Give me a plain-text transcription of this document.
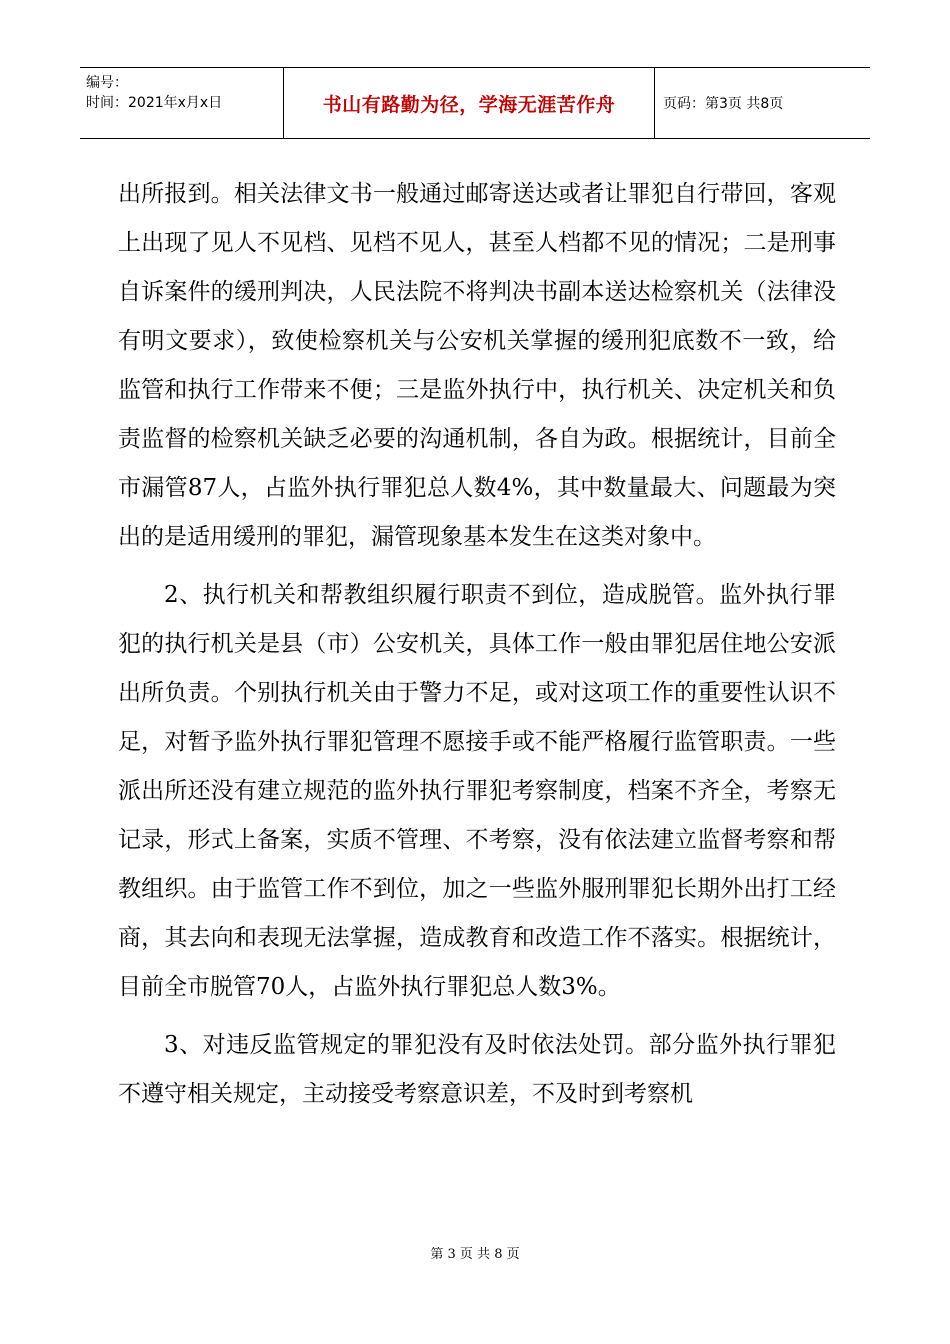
编号：
时间：2021年x月x日	书山有路勤为径，学海无涯苦作舟	页码：第3页 共8页

出所报到。相关法律文书一般通过邮寄送达或者让罪犯自行带回，客观上出现了见人不见档、见档不见人，甚至人档都不见的情况；二是刑事自诉案件的缓刑判决，人民法院不将判决书副本送达检察机关（法律没有明文要求），致使检察机关与公安机关掌握的缓刑犯底数不一致，给监管和执行工作带来不便；三是监外执行中，执行机关、决定机关和负责监督的检察机关缺乏必要的沟通机制，各自为政。根据统计，目前全市漏管87人，占监外执行罪犯总人数4%，其中数量最大、问题最为突出的是适用缓刑的罪犯，漏管现象基本发生在这类对象中。

2、执行机关和帮教组织履行职责不到位，造成脱管。监外执行罪犯的执行机关是县（市）公安机关，具体工作一般由罪犯居住地公安派出所负责。个别执行机关由于警力不足，或对这项工作的重要性认识不足，对暂予监外执行罪犯管理不愿接手或不能严格履行监管职责。一些派出所还没有建立规范的监外执行罪犯考察制度，档案不齐全，考察无记录，形式上备案，实质不管理、不考察，没有依法建立监督考察和帮教组织。由于监管工作不到位，加之一些监外服刑罪犯长期外出打工经商，其去向和表现无法掌握，造成教育和改造工作不落实。根据统计，目前全市脱管70人，占监外执行罪犯总人数3%。

3、对违反监管规定的罪犯没有及时依法处罚。部分监外执行罪犯不遵守相关规定，主动接受考察意识差，不及时到考察机

第 3 页 共 8 页
